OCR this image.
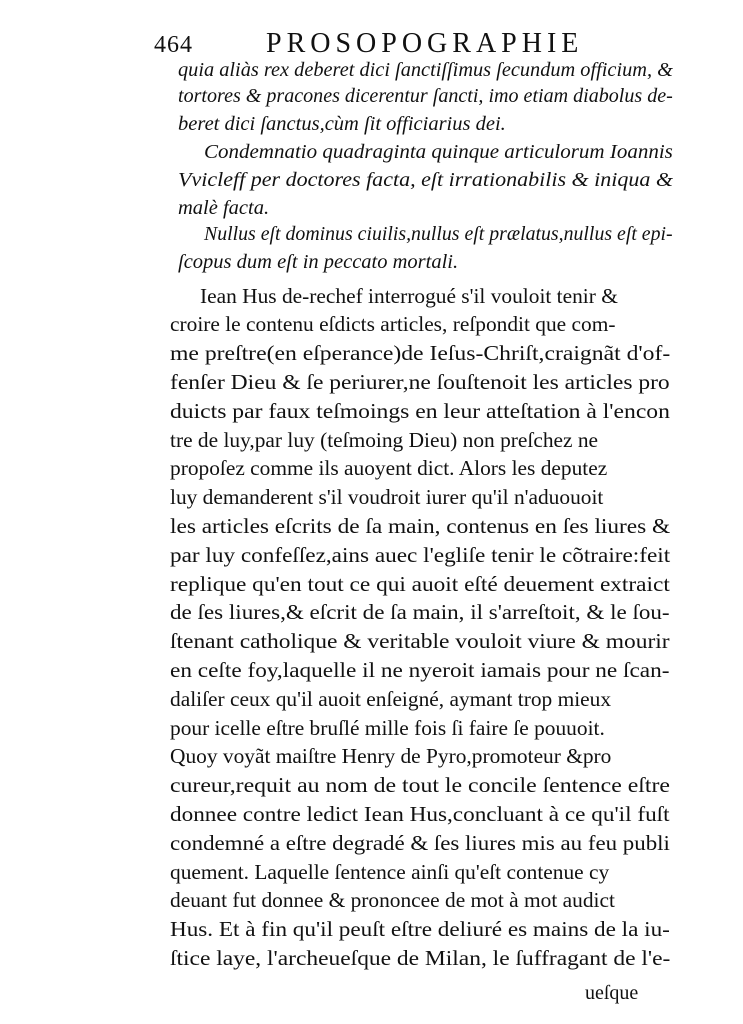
464	PROSOPOGRAPHIE
quia aliàs rex deberet dici ſanctiſſimus ſecundum officium, &
tortores & pracones dicerentur ſancti, imo etiam diabolus de-
beret dici ſanctus,cùm ſit officiarius dei.
Condemnatio quadraginta quinque articulorum Ioannis
Vvicleff per doctores facta, eſt irrationabilis & iniqua &
malè facta.
Nullus eſt dominus ciuilis,nullus eſt prælatus,nullus eſt epi-
ſcopus dum eſt in peccato mortali.
Iean Hus de-rechef interrogué s'il vouloit tenir &
croire le contenu eſdicts articles, reſpondit que com-
me preſtre(en eſperance)de Ieſus-Chriſt,craignãt d'of-
fenſer Dieu & ſe periurer,ne ſouſtenoit les articles pro
duicts par faux teſmoings en leur atteſtation à l'encon
tre de luy,par luy (teſmoing Dieu) non preſchez ne
propoſez comme ils auoyent dict. Alors les deputez
luy demanderent s'il voudroit iurer qu'il n'aduouoit
les articles eſcrits de ſa main, contenus en ſes liures &
par luy confeſſez,ains auec l'egliſe tenir le cõtraire:feit
replique qu'en tout ce qui auoit eſté deuement extraict
de ſes liures,& eſcrit de ſa main, il s'arreſtoit, & le ſou-
ſtenant catholique & veritable vouloit viure & mourir
en ceſte foy,laquelle il ne nyeroit iamais pour ne ſcan-
daliſer ceux qu'il auoit enſeigné, aymant trop mieux
pour icelle eſtre bruſlé mille fois ſi faire ſe pouuoit.
Quoy voyãt maiſtre Henry de Pyro,promoteur &pro
cureur,requit au nom de tout le concile ſentence eſtre
donnee contre ledict Iean Hus,concluant à ce qu'il fuſt
condemné a eſtre degradé & ſes liures mis au feu publi
quement. Laquelle ſentence ainſi qu'eſt contenue cy
deuant fut donnee & prononcee de mot à mot audict
Hus. Et à fin qu'il peuſt eſtre deliuré es mains de la iu-
ſtice laye, l'archeueſque de Milan, le ſuffragant de l'e-
ueſque
